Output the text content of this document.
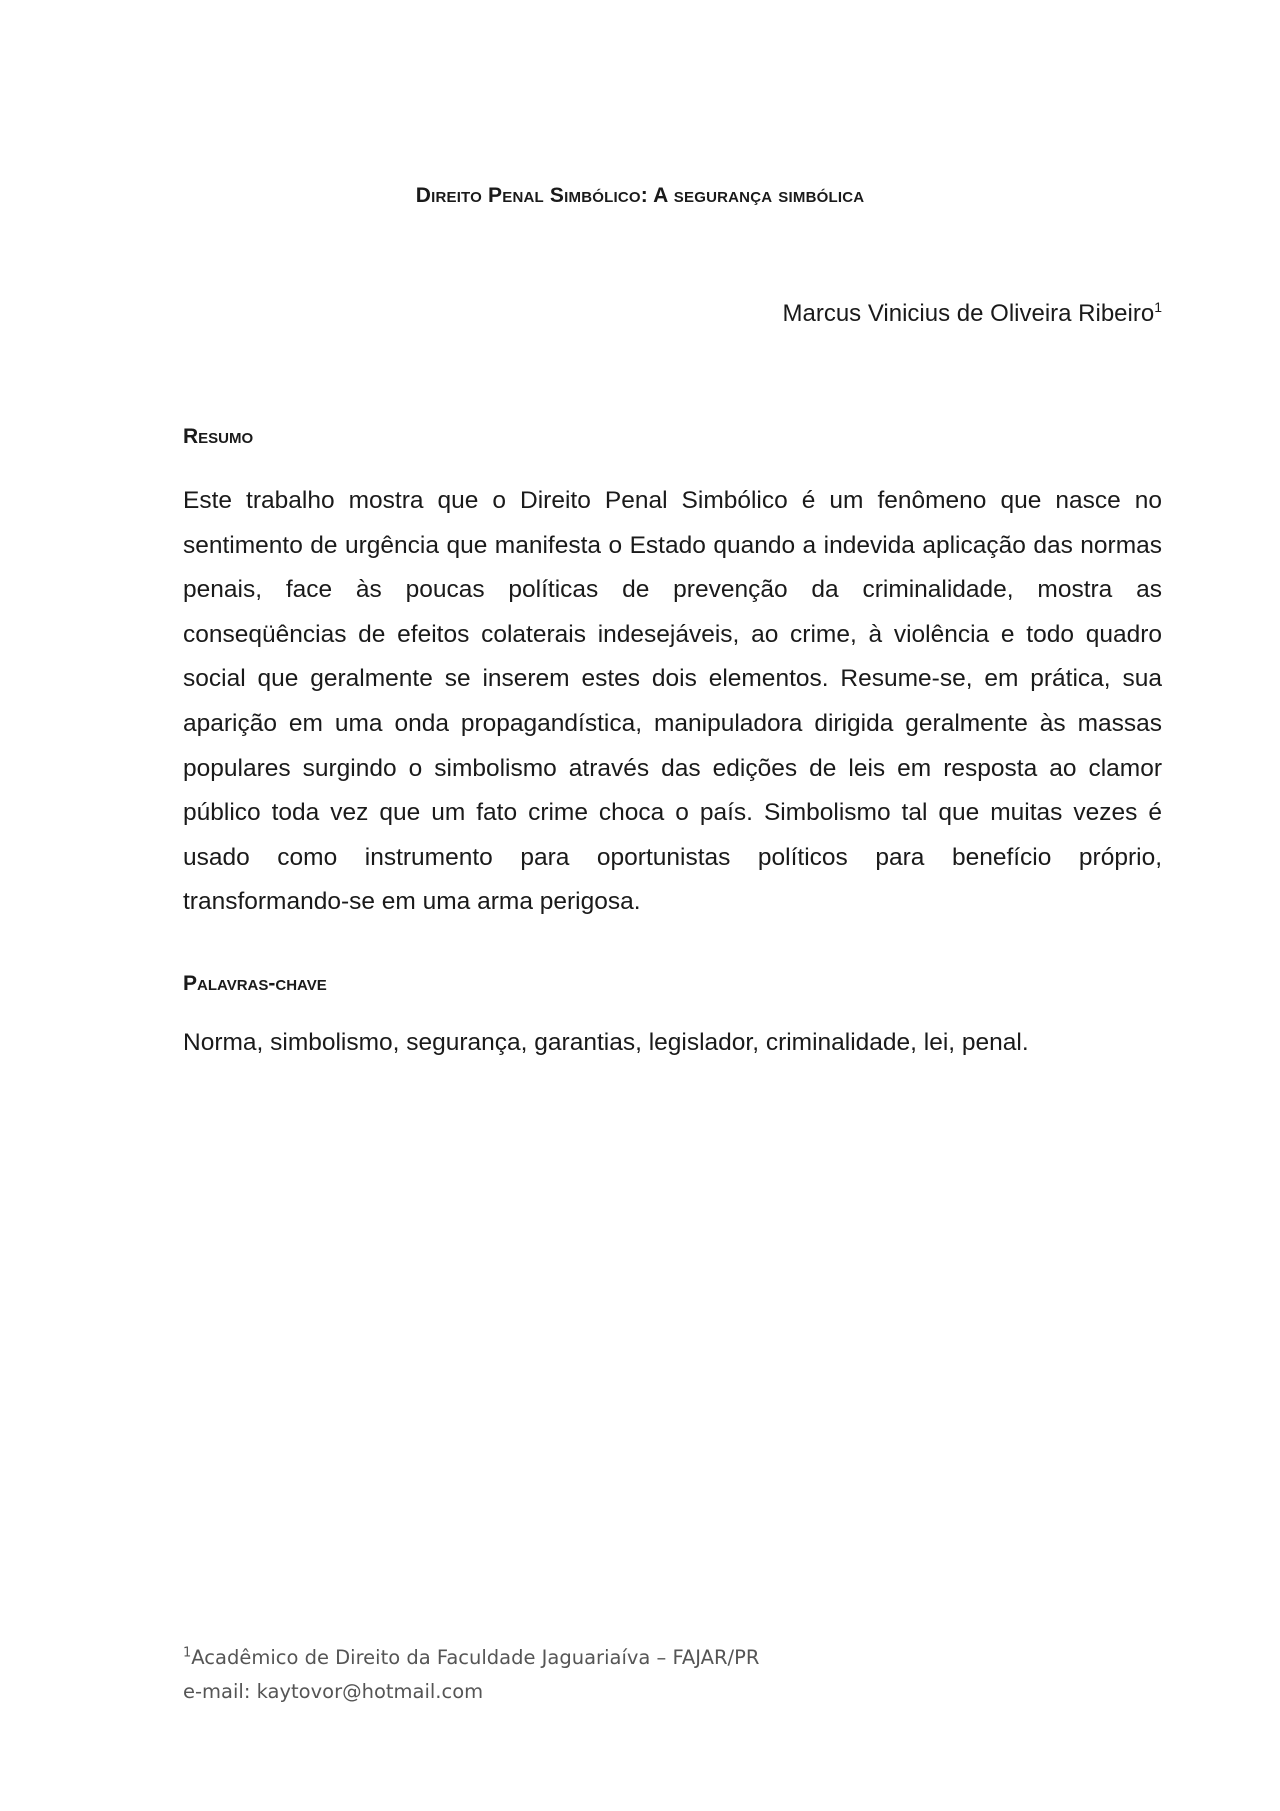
Direito Penal Simbólico: A segurança simbólica
Marcus Vinicius de Oliveira Ribeiro$^1$
Resumo
Este trabalho mostra que o Direito Penal Simbólico é um fenômeno que nasce no sentimento de urgência que manifesta o Estado quando a indevida aplicação das normas penais, face às poucas políticas de prevenção da criminalidade, mostra as conseqüências de efeitos colaterais indesejáveis, ao crime, à violência e todo quadro social que geralmente se inserem estes dois elementos. Resume-se, em prática, sua aparição em uma onda propagandística, manipuladora dirigida geralmente às massas populares surgindo o simbolismo através das edições de leis em resposta ao clamor público toda vez que um fato crime choca o país. Simbolismo tal que muitas vezes é usado como instrumento para oportunistas políticos para benefício próprio, transformando-se em uma arma perigosa.
Palavras-chave
Norma, simbolismo, segurança, garantias, legislador, criminalidade, lei, penal.
$^1$Acadêmico de Direito da Faculdade Jaguariaíva – FAJAR/PR
e-mail: kaytovor@hotmail.com
